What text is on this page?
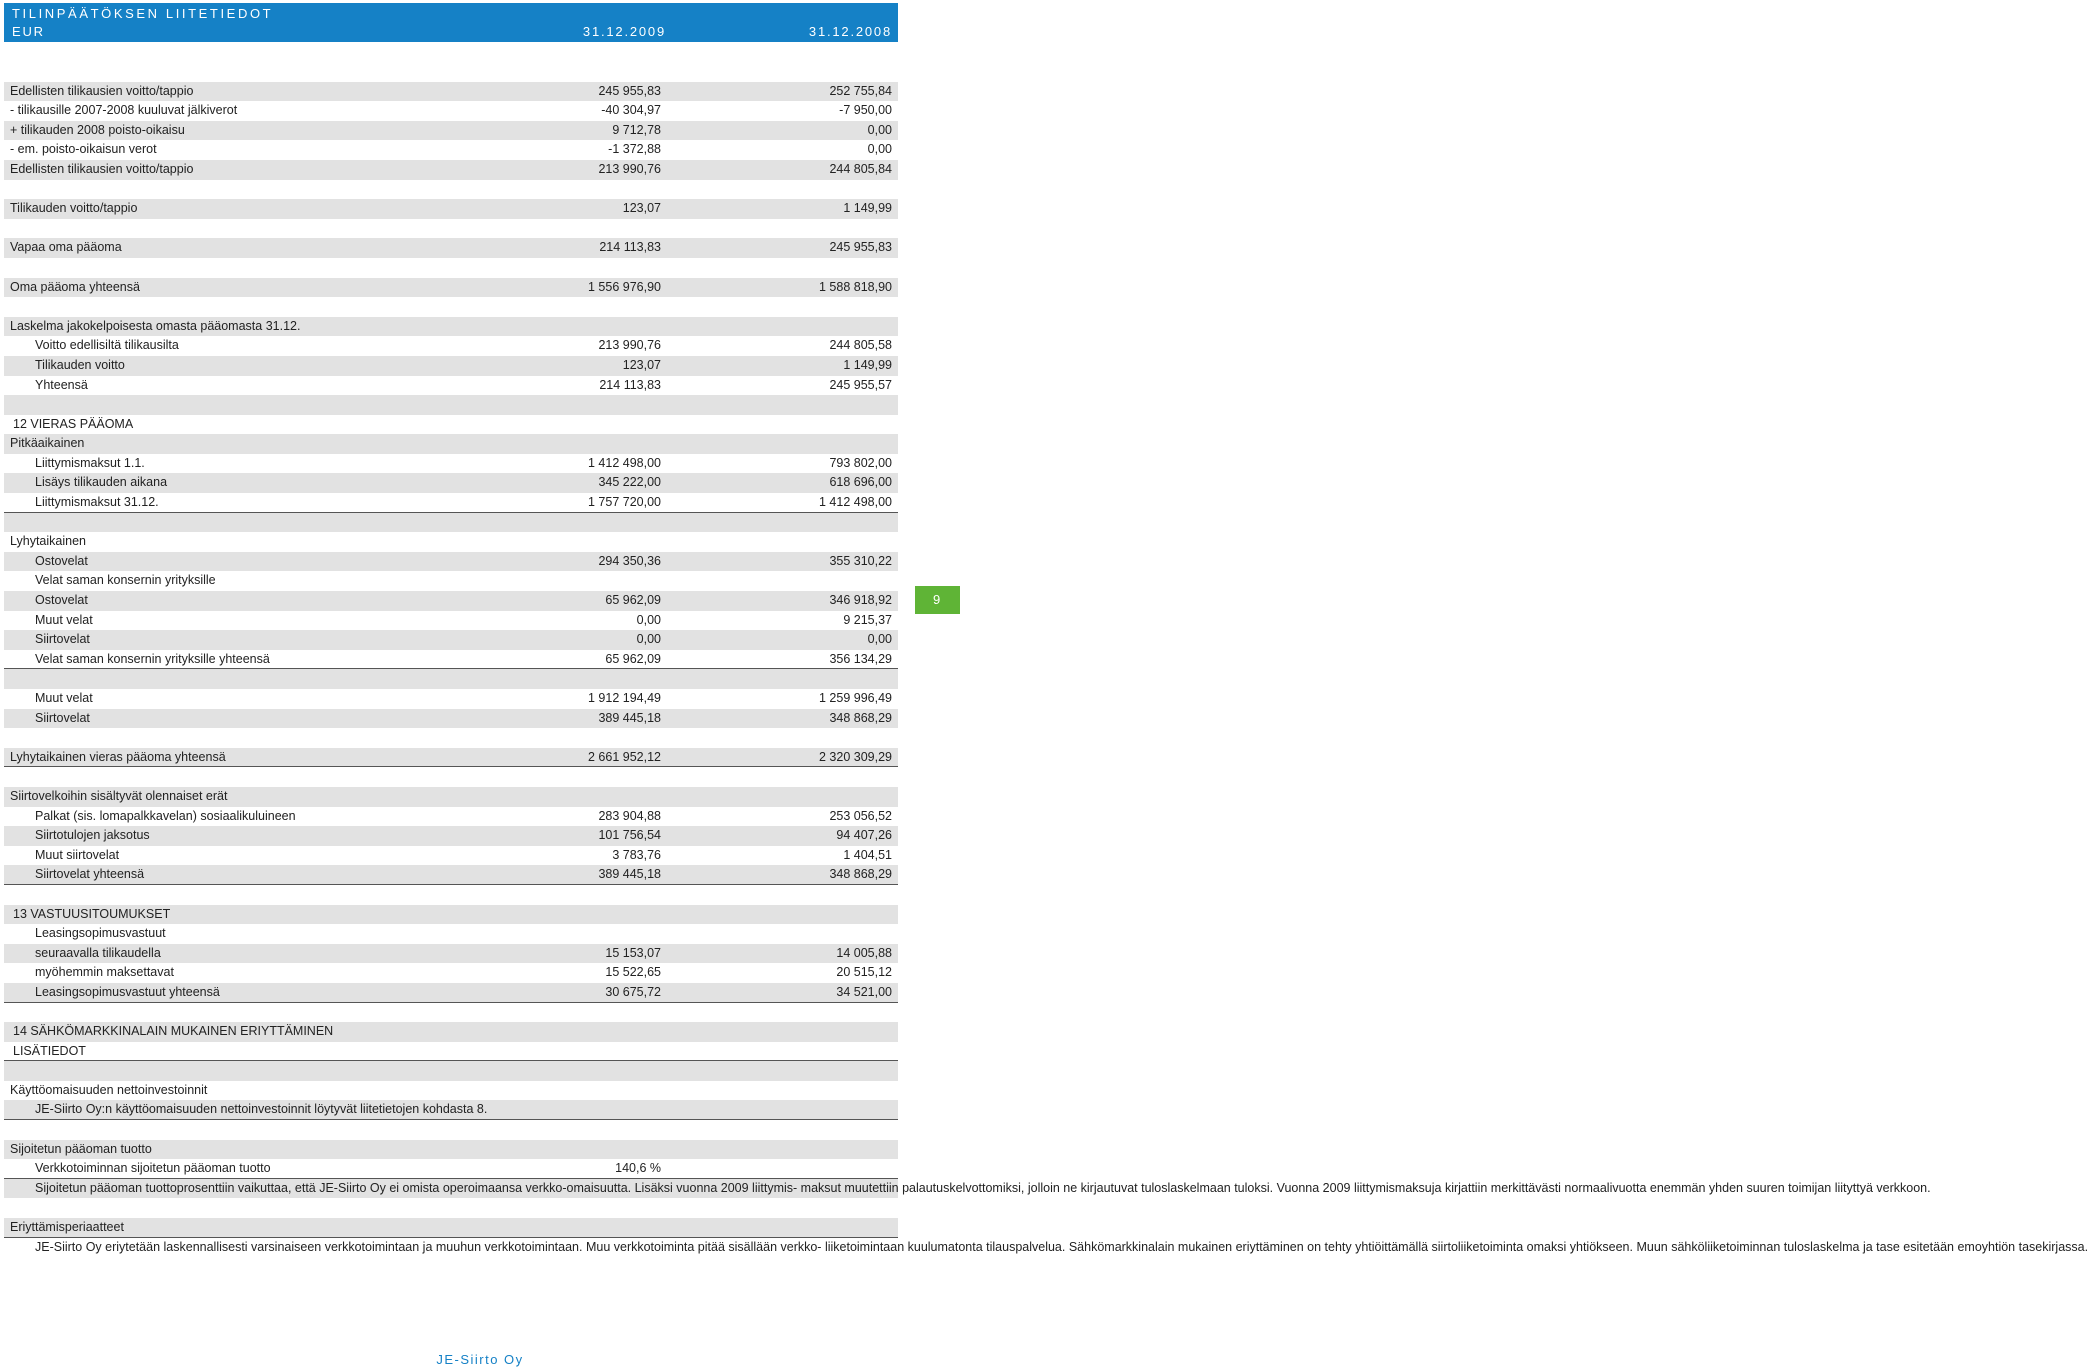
TILINPÄÄTÖKSEN LIITETIEDOT
EUR	31.12.2009	31.12.2008
Edellisten tilikausien voitto/tappio	245 955,83	252 755,84
- tilikausille 2007-2008 kuuluvat jälkiverot	-40 304,97	-7 950,00
+ tilikauden 2008 poisto-oikaisu	9 712,78	0,00
- em. poisto-oikaisun verot	-1 372,88	0,00
Edellisten tilikausien voitto/tappio	213 990,76	244 805,84
Tilikauden voitto/tappio	123,07	1 149,99
Vapaa oma pääoma	214 113,83	245 955,83
Oma pääoma yhteensä	1 556 976,90	1 588 818,90
Laskelma jakokelpoisesta omasta pääomasta 31.12.
Voitto edellisiltä tilikausilta	213 990,76	244 805,58
Tilikauden voitto	123,07	1 149,99
Yhteensä	214 113,83	245 955,57
12 VIERAS PÄÄOMA
Pitkäaikainen
Liittymismaksut 1.1.	1 412 498,00	793 802,00
Lisäys tilikauden aikana	345 222,00	618 696,00
Liittymismaksut 31.12.	1 757 720,00	1 412 498,00
Lyhytaikainen
Ostovelat	294 350,36	355 310,22
Velat saman konsernin yrityksille
Ostovelat	65 962,09	346 918,92
Muut velat	0,00	9 215,37
Siirtovelat	0,00	0,00
Velat saman konsernin yrityksille yhteensä	65 962,09	356 134,29
Muut velat	1 912 194,49	1 259 996,49
Siirtovelat	389 445,18	348 868,29
Lyhytaikainen vieras pääoma yhteensä	2 661 952,12	2 320 309,29
Siirtovelkoihin sisältyvät olennaiset erät
Palkat (sis. lomapalkkavelan) sosiaalikuluineen	283 904,88	253 056,52
Siirtotulojen jaksotus	101 756,54	94 407,26
Muut siirtovelat	3 783,76	1 404,51
Siirtovelat yhteensä	389 445,18	348 868,29
13 VASTUUSITOUMUKSET
Leasingsopimusvastuut
seuraavalla tilikaudella	15 153,07	14 005,88
myöhemmin maksettavat	15 522,65	20 515,12
Leasingsopimusvastuut yhteensä	30 675,72	34 521,00
14 SÄHKÖMARKKINALAIN MUKAINEN ERIYTTÄMINEN
LISÄTIEDOT
Käyttöomaisuuden nettoinvestoinnit
JE-Siirto Oy:n käyttöomaisuuden nettoinvestoinnit löytyvät liitetietojen kohdasta 8.
Sijoitetun pääoman tuotto
Verkkotoiminnan sijoitetun pääoman tuotto	140,6 %
Sijoitetun pääoman tuottoprosenttiin vaikuttaa, että JE-Siirto Oy ei omista operoimaansa verkko-omaisuutta. Lisäksi vuonna 2009 liittymis- maksut muutettiin palautuskelvottomiksi, jolloin ne kirjautuvat tuloslaskelmaan tuloksi. Vuonna 2009 liittymismaksuja kirjattiin merkittävästi normaalivuotta enemmän yhden suuren toimijan liityttyä verkkoon.
Eriyttämisperiaatteet
JE-Siirto Oy eriytetään laskennallisesti varsinaiseen verkkotoimintaan ja muuhun verkkotoimintaan. Muu verkkotoiminta pitää sisällään verkko- liiketoimintaan kuulumatonta tilauspalvelua. Sähkömarkkinalain mukainen eriyttäminen on tehty yhtiöittämällä siirtoliiketoiminta omaksi yhtiökseen. Muun sähköliiketoiminnan tuloslaskelma ja tase esitetään emoyhtiön tasekirjassa.
9
JE-Siirto Oy
